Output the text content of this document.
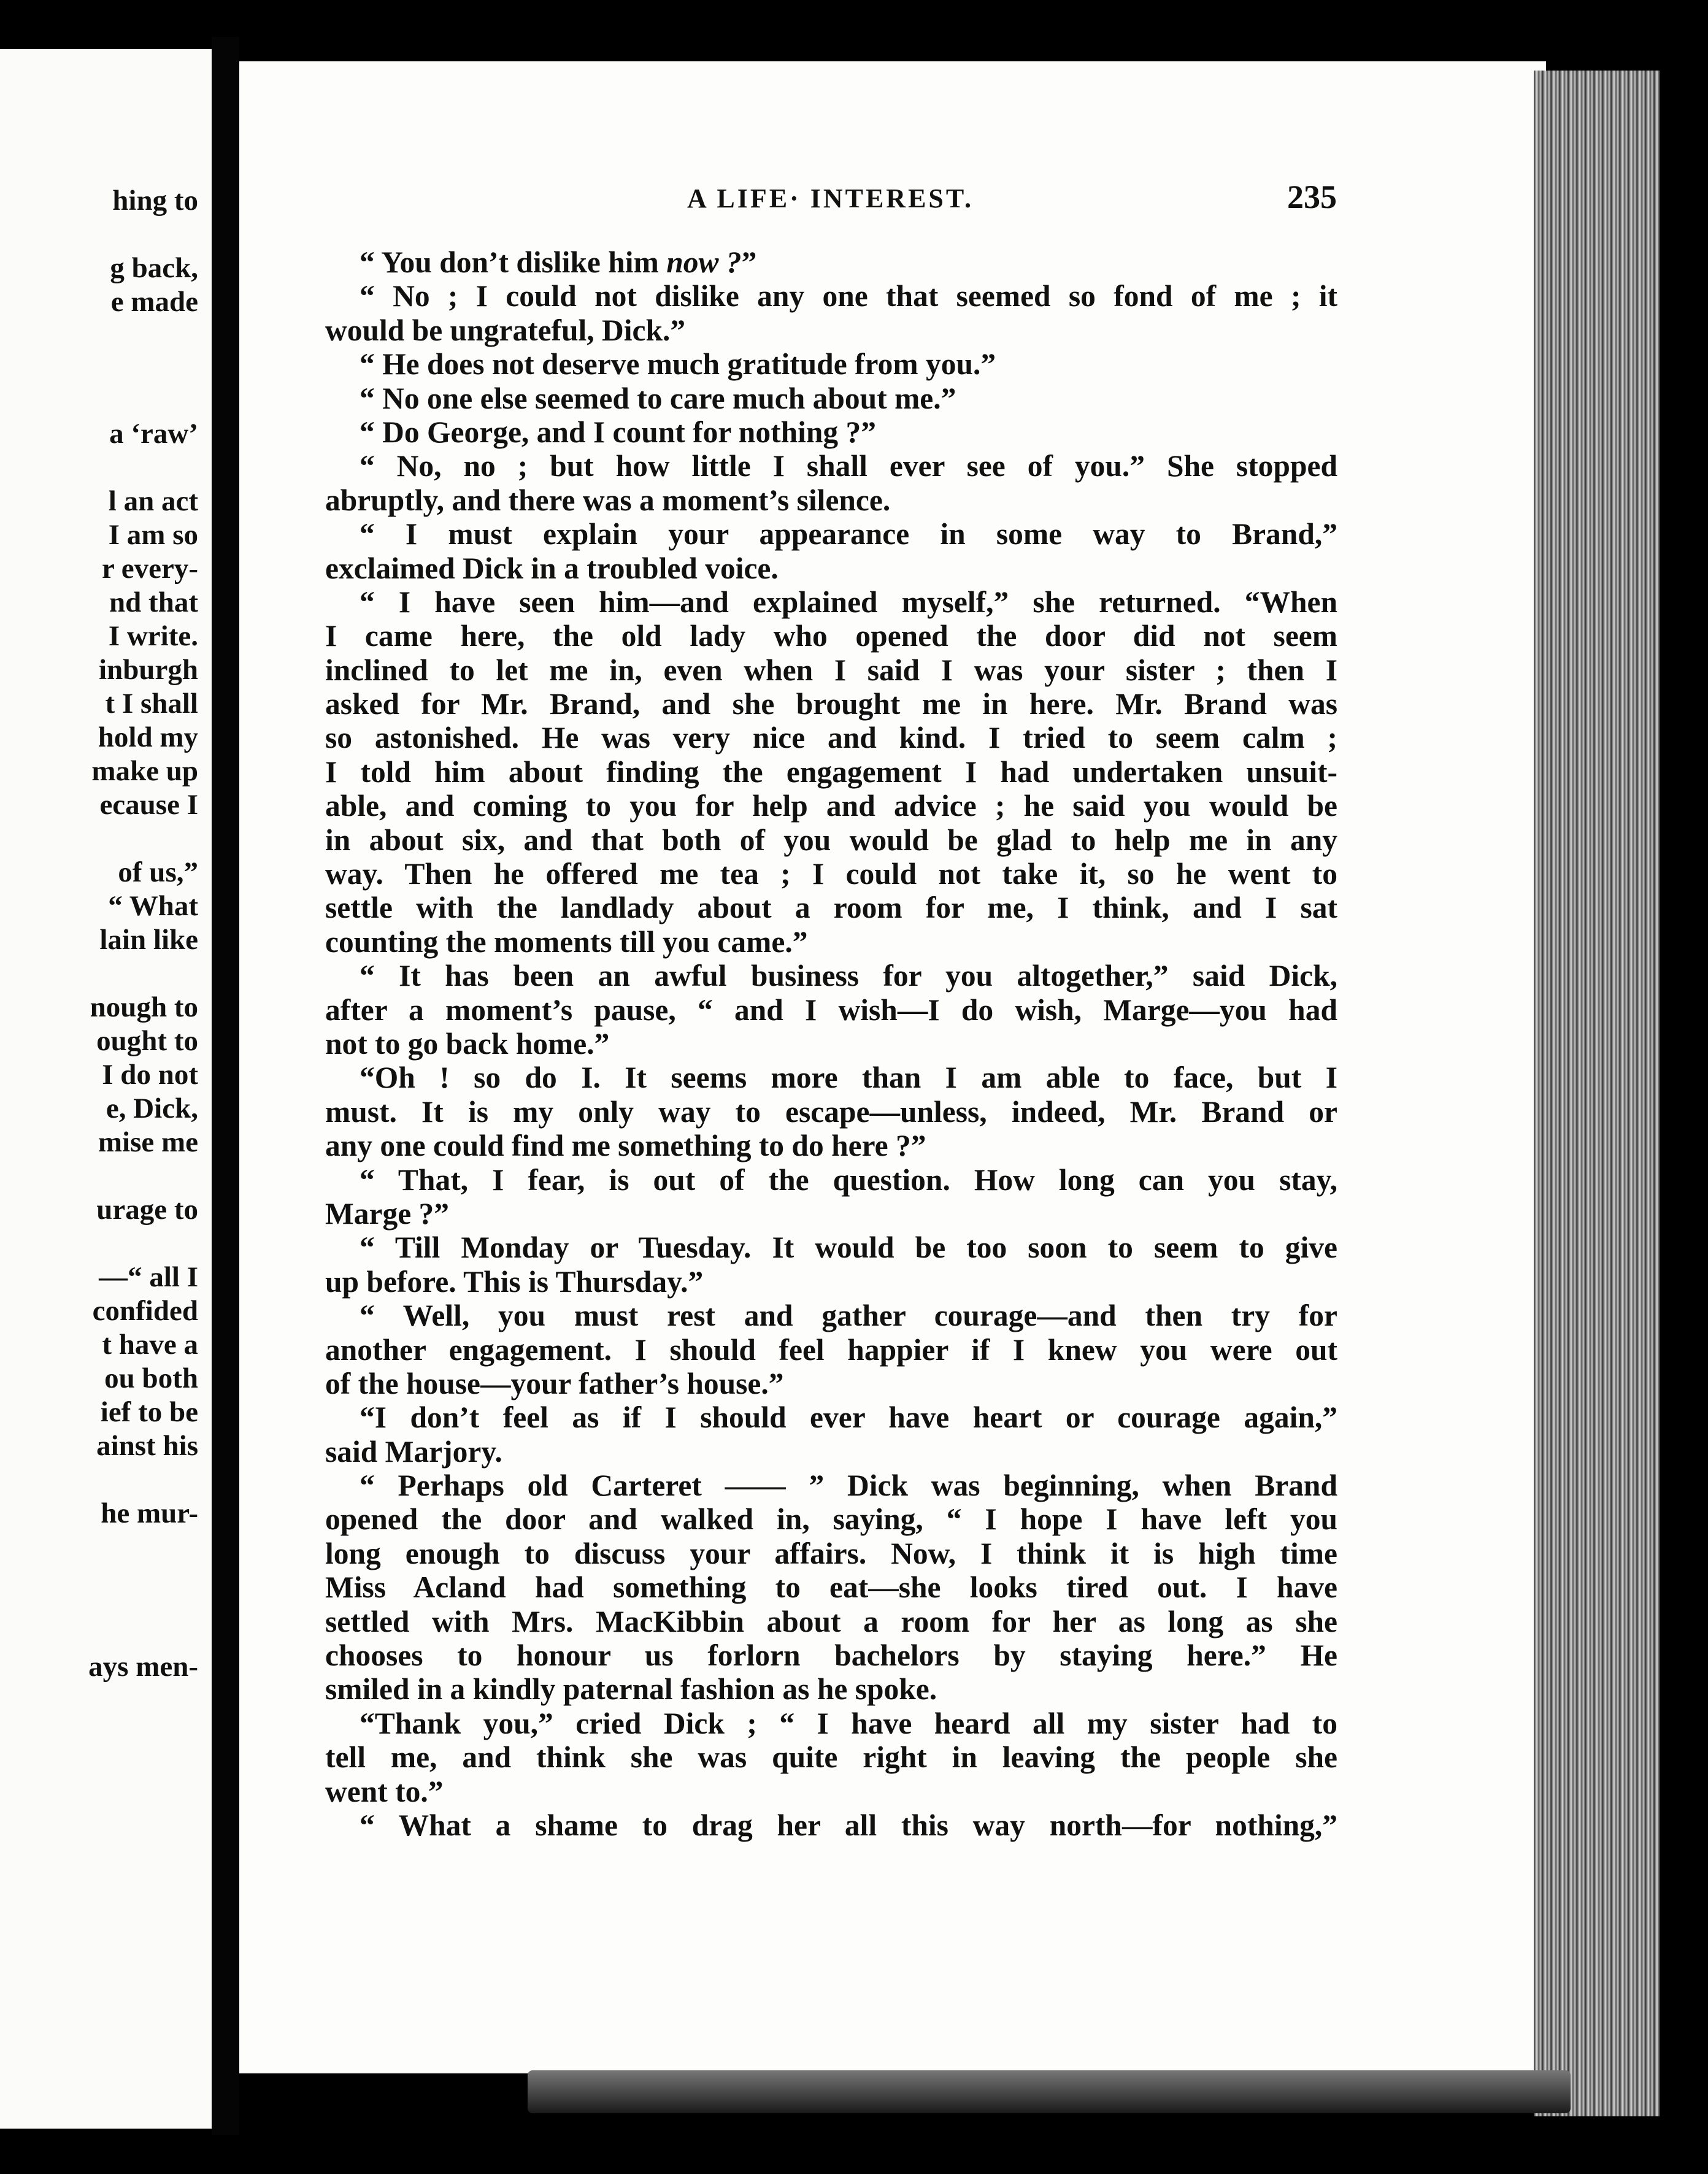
hing to
g back,
e made
a ‘raw’
l an act
I am so
r every-
nd that
I write.
inburgh
t I shall
hold my
make up
ecause I
of us,”
“ What
lain like
nough to
ought to
I do not
e, Dick,
mise me
urage to
—“ all I
confided
t have a
ou both
ief to be
ainst his
he mur-
ays men-
A LIFE· INTEREST.	235
“ You don’t dislike him now ?”
“ No ; I could not dislike any one that seemed so fond of me ; it
would be ungrateful, Dick.”
“ He does not deserve much gratitude from you.”
“ No one else seemed to care much about me.”
“ Do George, and I count for nothing ?”
“ No, no ; but how little I shall ever see of you.” She stopped
abruptly, and there was a moment’s silence.
“ I must explain your appearance in some way to Brand,”
exclaimed Dick in a troubled voice.
“ I have seen him—and explained myself,” she returned. “When
I came here, the old lady who opened the door did not seem
inclined to let me in, even when I said I was your sister ; then I
asked for Mr. Brand, and she brought me in here. Mr. Brand was
so astonished. He was very nice and kind. I tried to seem calm ;
I told him about finding the engagement I had undertaken unsuit-
able, and coming to you for help and advice ; he said you would be
in about six, and that both of you would be glad to help me in any
way. Then he offered me tea ; I could not take it, so he went to
settle with the landlady about a room for me, I think, and I sat
counting the moments till you came.”
“ It has been an awful business for you altogether,” said Dick,
after a moment’s pause, “ and I wish—I do wish, Marge—you had
not to go back home.”
“Oh ! so do I. It seems more than I am able to face, but I
must. It is my only way to escape—unless, indeed, Mr. Brand or
any one could find me something to do here ?”
“ That, I fear, is out of the question. How long can you stay,
Marge ?”
“ Till Monday or Tuesday. It would be too soon to seem to give
up before. This is Thursday.”
“ Well, you must rest and gather courage—and then try for
another engagement. I should feel happier if I knew you were out
of the house—your father’s house.”
“I don’t feel as if I should ever have heart or courage again,”
said Marjory.
“ Perhaps old Carteret —— ” Dick was beginning, when Brand
opened the door and walked in, saying, “ I hope I have left you
long enough to discuss your affairs. Now, I think it is high time
Miss Acland had something to eat—she looks tired out. I have
settled with Mrs. MacKibbin about a room for her as long as she
chooses to honour us forlorn bachelors by staying here.” He
smiled in a kindly paternal fashion as he spoke.
“Thank you,” cried Dick ; “ I have heard all my sister had to
tell me, and think she was quite right in leaving the people she
went to.”
“ What a shame to drag her all this way north—for nothing,”
